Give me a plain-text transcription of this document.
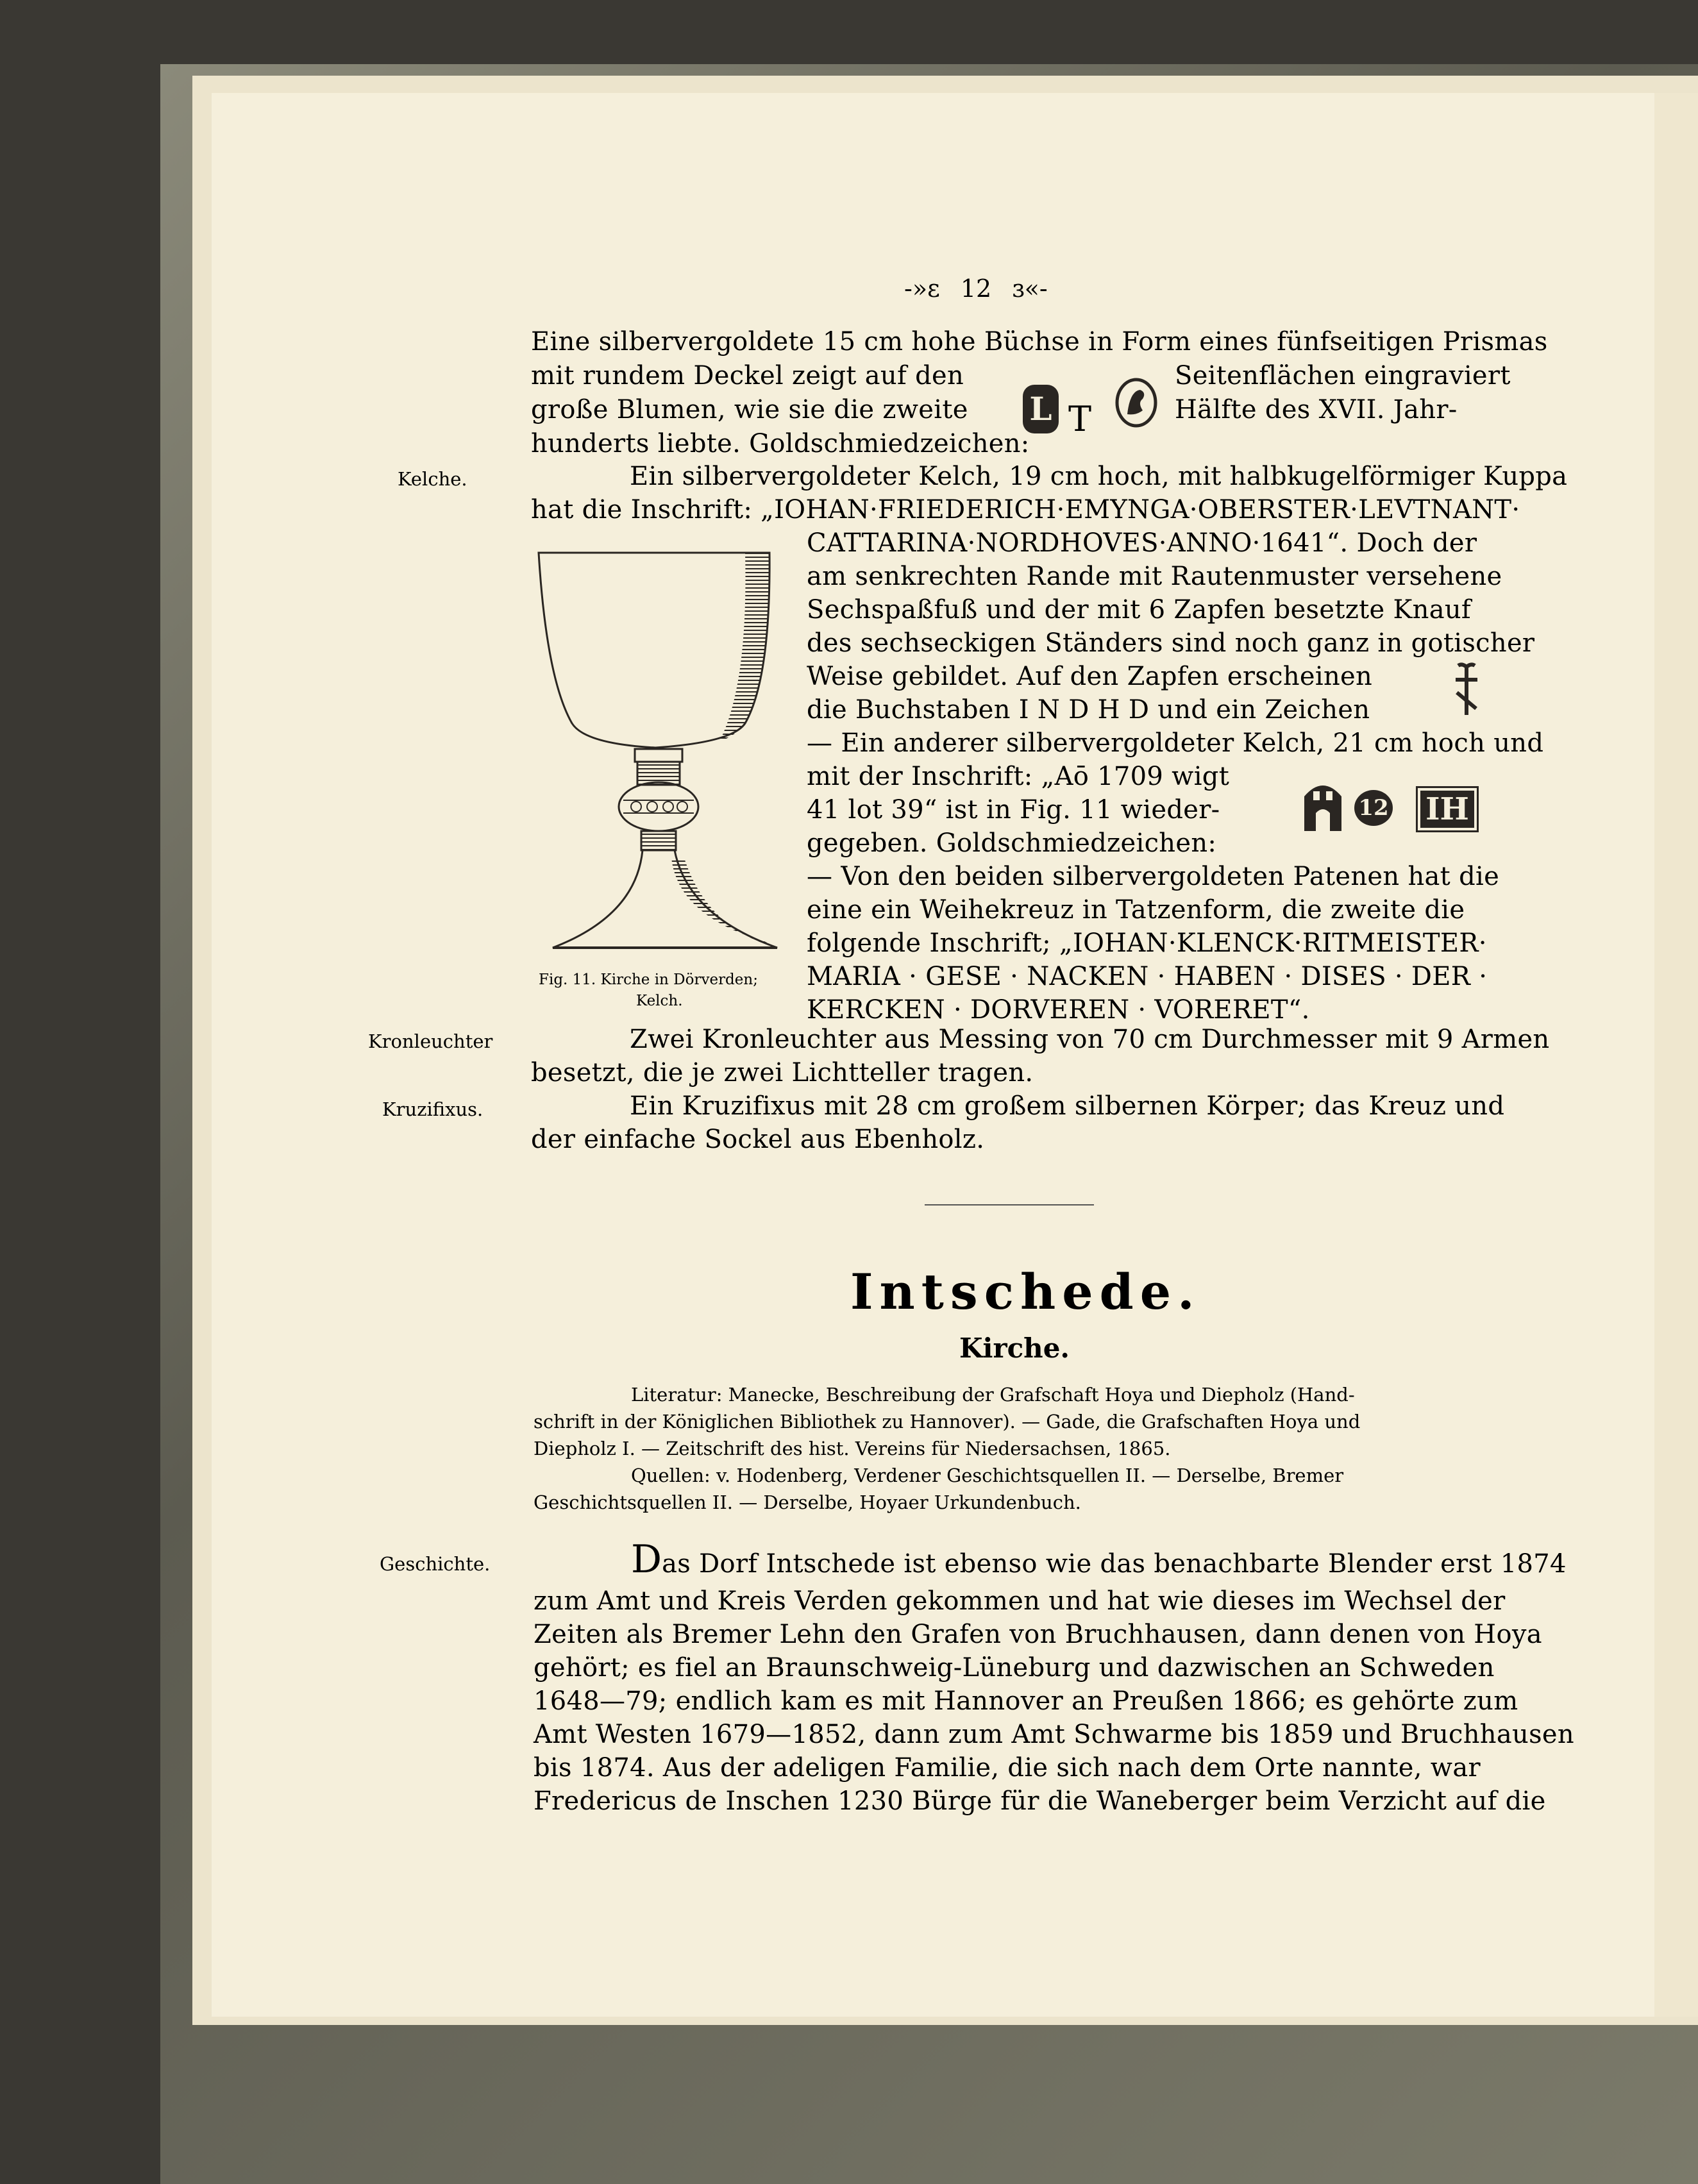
-»ɛ 12 ɜ«-
Eine silbervergoldete 15 cm hohe Büchse in Form eines fünfseitigen Prismas
mit rundem Deckel zeigt auf den	Seitenflächen eingraviert
große Blumen, wie sie die zweite	Hälfte des XVII. Jahr-
hunderts liebte. Goldschmiedzeichen:
L T
Kelche.
Kronleuchter
Kruzifixus.
Geschichte.
Ein silbervergoldeter Kelch, 19 cm hoch, mit halbkugelförmiger Kuppa
hat die Inschrift: „IOHAN·FRIEDERICH·EMYNGA·OBERSTER·LEVTNANT·
CATTARINA·NORDHOVES·ANNO·1641“. Doch der
am senkrechten Rande mit Rautenmuster versehene
Sechspaßfuß und der mit 6 Zapfen besetzte Knauf
des sechseckigen Ständers sind noch ganz in gotischer
Weise gebildet. Auf den Zapfen erscheinen
die Buchstaben I N D H D und ein Zeichen
— Ein anderer silbervergoldeter Kelch, 21 cm hoch und
mit der Inschrift: „Aō 1709 wigt
41 lot 39“ ist in Fig. 11 wieder-
gegeben. Goldschmiedzeichen:
— Von den beiden silbervergoldeten Patenen hat die
eine ein Weihekreuz in Tatzenform, die zweite die
folgende Inschrift; „IOHAN·KLENCK·RITMEISTER·
MARIA · GESE · NACKEN · HABEN · DISES · DER ·
KERCKEN · DORVEREN · VORERET“.
12	IH
Fig. 11. Kirche in Dörverden;
Kelch.
Zwei Kronleuchter aus Messing von 70 cm Durchmesser mit 9 Armen
besetzt, die je zwei Lichtteller tragen.
Ein Kruzifixus mit 28 cm großem silbernen Körper; das Kreuz und
der einfache Sockel aus Ebenholz.
Intschede.
Kirche.
Literatur: Manecke, Beschreibung der Grafschaft Hoya und Diepholz (Hand-
schrift in der Königlichen Bibliothek zu Hannover). — Gade, die Grafschaften Hoya und
Diepholz I. — Zeitschrift des hist. Vereins für Niedersachsen, 1865.
Quellen: v. Hodenberg, Verdener Geschichtsquellen II. — Derselbe, Bremer
Geschichtsquellen II. — Derselbe, Hoyaer Urkundenbuch.
Das Dorf Intschede ist ebenso wie das benachbarte Blender erst 1874
zum Amt und Kreis Verden gekommen und hat wie dieses im Wechsel der
Zeiten als Bremer Lehn den Grafen von Bruchhausen, dann denen von Hoya
gehört; es fiel an Braunschweig-Lüneburg und dazwischen an Schweden
1648—79; endlich kam es mit Hannover an Preußen 1866; es gehörte zum
Amt Westen 1679—1852, dann zum Amt Schwarme bis 1859 und Bruchhausen
bis 1874. Aus der adeligen Familie, die sich nach dem Orte nannte, war
Fredericus de Inschen 1230 Bürge für die Waneberger beim Verzicht auf die
